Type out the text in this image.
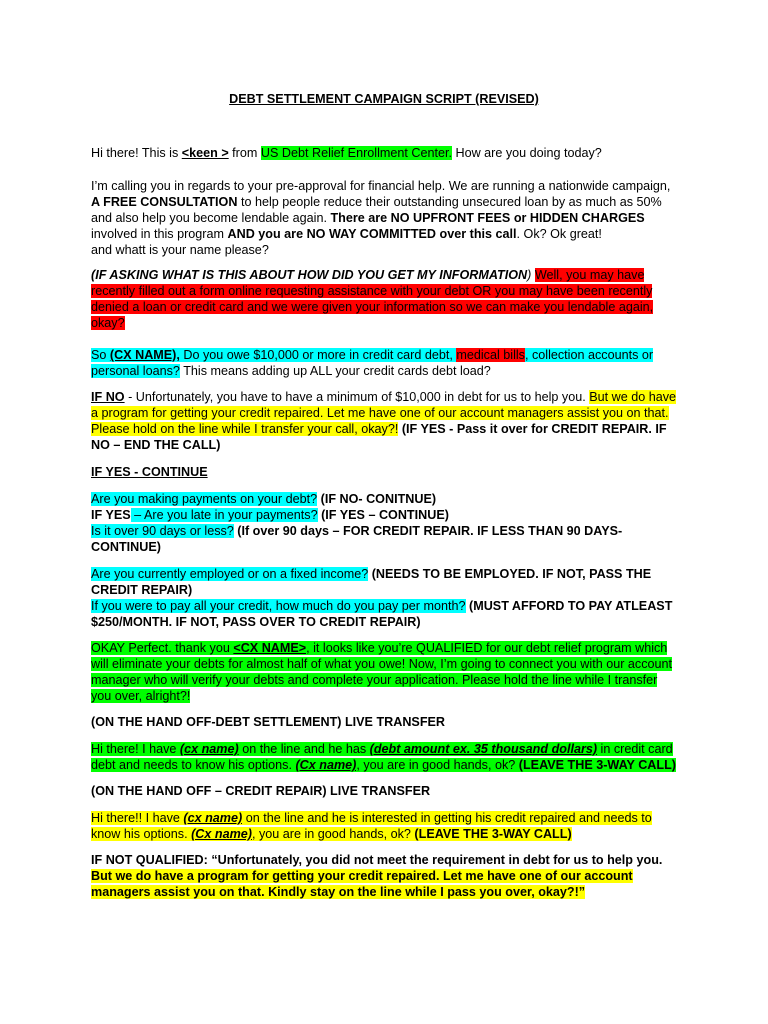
DEBT SETTLEMENT CAMPAIGN SCRIPT (REVISED)
Hi there! This is <keen > from US Debt Relief Enrollment Center. How are you doing today?
I’m calling you in regards to your pre-approval for financial help. We are running a nationwide campaign, A FREE CONSULTATION to help people reduce their outstanding unsecured loan by as much as 50% and also help you become lendable again. There are NO UPFRONT FEES or HIDDEN CHARGES involved in this program AND you are NO WAY COMMITTED over this call. Ok? Ok great!
and whatt is your name please?
(IF ASKING WHAT IS THIS ABOUT HOW DID YOU GET MY INFORMATION) Well, you may have recently filled out a form online requesting assistance with your debt OR you may have been recently denied a loan or credit card and we were given your information so we can make you lendable again, okay?
So (CX NAME), Do you owe $10,000 or more in credit card debt, medical bills, collection accounts or personal loans? This means adding up ALL your credit cards debt load?
IF NO - Unfortunately, you have to have a minimum of $10,000 in debt for us to help you. But we do have a program for getting your credit repaired. Let me have one of our account managers assist you on that. Please hold on the line while I transfer your call, okay?! (IF YES - Pass it over for CREDIT REPAIR. IF NO – END THE CALL)
IF YES - CONTINUE
Are you making payments on your debt? (IF NO- CONITNUE)
IF YES – Are you late in your payments? (IF YES – CONTINUE)
Is it over 90 days or less? (If over 90 days – FOR CREDIT REPAIR. IF LESS THAN 90 DAYS-CONTINUE)
Are you currently employed or on a fixed income? (NEEDS TO BE EMPLOYED. IF NOT, PASS THE CREDIT REPAIR)
If you were to pay all your credit, how much do you pay per month? (MUST AFFORD TO PAY ATLEAST $250/MONTH. IF NOT, PASS OVER TO CREDIT REPAIR)
OKAY Perfect. thank you <CX NAME>, it looks like you’re QUALIFIED for our debt relief program which will eliminate your debts for almost half of what you owe! Now, I’m going to connect you with our account manager who will verify your debts and complete your application. Please hold the line while I transfer you over, alright?!
(ON THE HAND OFF-DEBT SETTLEMENT) LIVE TRANSFER
Hi there! I have (cx name) on the line and he has (debt amount ex. 35 thousand dollars) in credit card debt and needs to know his options. (Cx name), you are in good hands, ok? (LEAVE THE 3-WAY CALL)
(ON THE HAND OFF – CREDIT REPAIR) LIVE TRANSFER
Hi there!! I have (cx name) on the line and he is interested in getting his credit repaired and needs to know his options. (Cx name), you are in good hands, ok? (LEAVE THE 3-WAY CALL)
IF NOT QUALIFIED: “Unfortunately, you did not meet the requirement in debt for us to help you. But we do have a program for getting your credit repaired. Let me have one of our account managers assist you on that. Kindly stay on the line while I pass you over, okay?!”
